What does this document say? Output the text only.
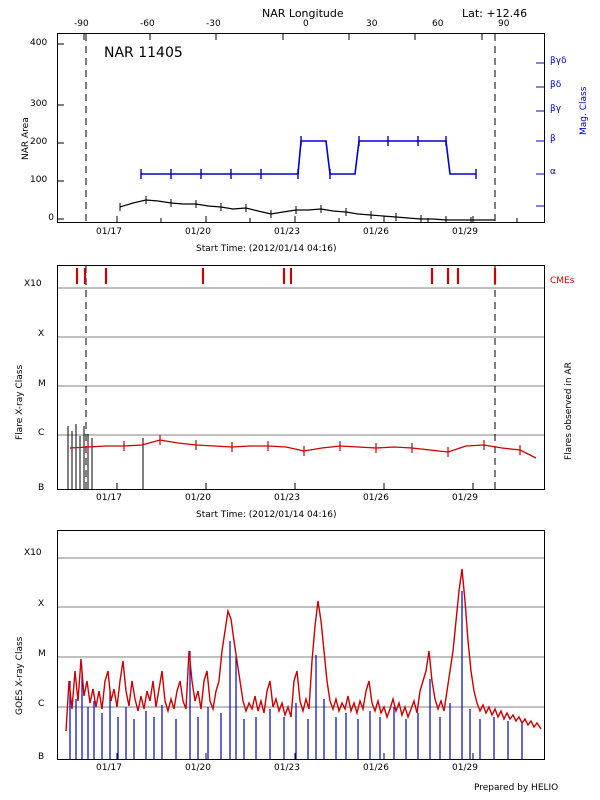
NAR Longitude	Lat: +12.46
NAR 11405
-90	-60	-30	0	30	60	90
0
100
200
300
400
NAR Area
01/17	01/20	01/23	01/26	01/29
Start Time: (2012/01/14 04:16)
βγδ
βδ
βγ
β
α
Mag. Class
X10
X
M
C
B
Flare X-ray Class
CMEs
Flares observed in AR
01/17	01/20	01/23	01/26	01/29
Start Time: (2012/01/14 04:16)
X10
X
M
C
B
GOES X-ray Class
01/17	01/20	01/23	01/26	01/29
Prepared by HELIO
